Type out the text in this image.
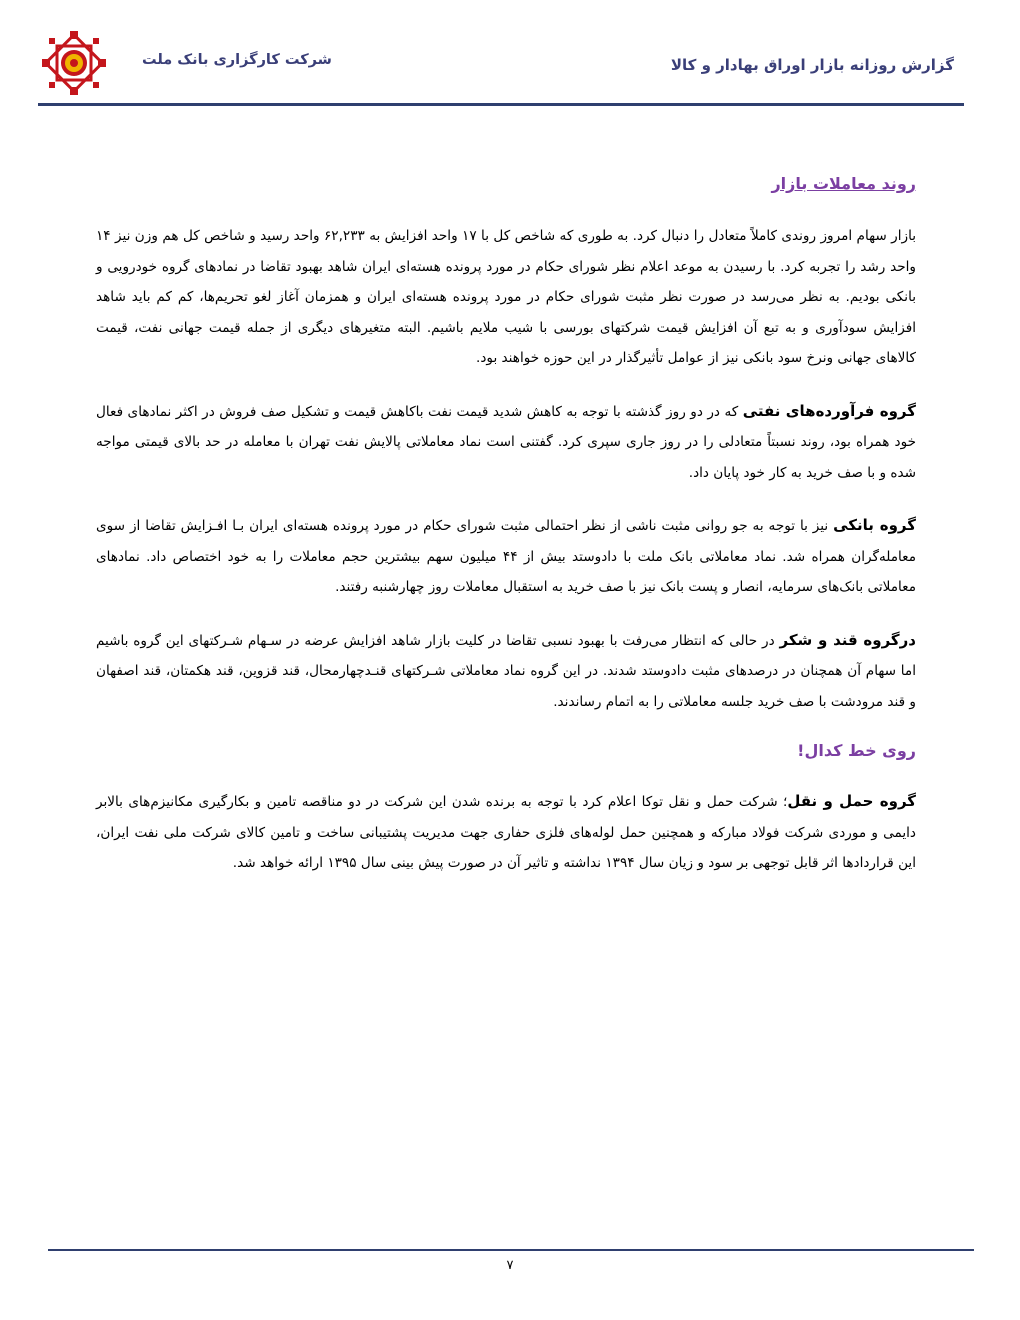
شرکت کارگزاری بانک ملت	گزارش روزانه بازار اوراق بهادار و کالا
روند معاملات بازار

بازار سهام امروز روندی کاملاً متعادل را دنبال کرد. به طوری که شاخص کل با ۱۷ واحد افزایش به ۶۲,۲۳۳ واحد رسید و شاخص کل هم وزن نیز ۱۴ واحد رشد را تجربه کرد. با رسیدن به موعد اعلام نظر شورای حکام در مورد پرونده هسته‌ای ایران شاهد بهبود تقاضا در نمادهای گروه خودرویی و بانکی بودیم. به نظر می‌رسد در صورت نظر مثبت شورای حکام در مورد پرونده هسته‌ای ایران و همزمان آغاز لغو تحریم‌ها، کم کم باید شاهد افزایش سودآوری و به تبع آن افزایش قیمت شرکتهای بورسی با شیب ملایم باشیم. البته متغیرهای دیگری از جمله قیمت جهانی نفت، قیمت کالاهای جهانی ونرخ سود بانکی نیز از عوامل تأثیرگذار در این حوزه خواهند بود.

گروه فرآورده‌های نفتی که در دو روز گذشته با توجه به کاهش شدید قیمت نفت باکاهش قیمت و تشکیل صف فروش در اکثر نمادهای فعال خود همراه بود، روند نسبتاً متعادلی را در روز جاری سپری کرد. گفتنی است نماد معاملاتی پالایش نفت تهران با معامله در حد بالای قیمتی مواجه شده و با صف خرید به کار خود پایان داد.

گروه بانکی نیز با توجه به جو روانی مثبت ناشی از نظر احتمالی مثبت شورای حکام در مورد پرونده هسته‌ای ایران بـا افـزایش تقاضا از سوی معامله‌گران همراه شد. نماد معاملاتی بانک ملت با دادوستد بیش از ۴۴ میلیون سهم بیشترین حجم معاملات را به خود اختصاص داد. نمادهای معاملاتی بانک‌های سرمایه، انصار و پست بانک نیز با صف خرید به استقبال معاملات روز چهارشنبه رفتند.

درگروه قند و شکر در حالی که انتظار می‌رفت با بهبود نسبی تقاضا در کلیت بازار شاهد افزایش عرضه در سـهام شـرکتهای این گروه باشیم اما سهام آن همچنان در درصدهای مثبت دادوستد شدند. در این گروه نماد معاملاتی شـرکتهای قنـدچهارمحال، قند قزوین، قند هکمتان، قند اصفهان و قند مرودشت با صف خرید جلسه معاملاتی را به اتمام رساندند.

روی خط کدال!

گروه حمل و نقل؛ شرکت حمل و نقل توکا اعلام کرد با توجه به برنده شدن این شرکت در دو مناقصه تامین و بکارگیری مکانیزم‌های بالابر دایمی و موردی شرکت فولاد مبارکه و همچنین حمل لوله‌های فلزی حفاری جهت مدیریت پشتیبانی ساخت و تامین کالای شرکت ملی نفت ایران، این قراردادها اثر قابل توجهی بر سود و زیان سال ۱۳۹۴ نداشته و تاثیر آن در صورت پیش بینی سال ۱۳۹۵ ارائه خواهد شد.

۷
